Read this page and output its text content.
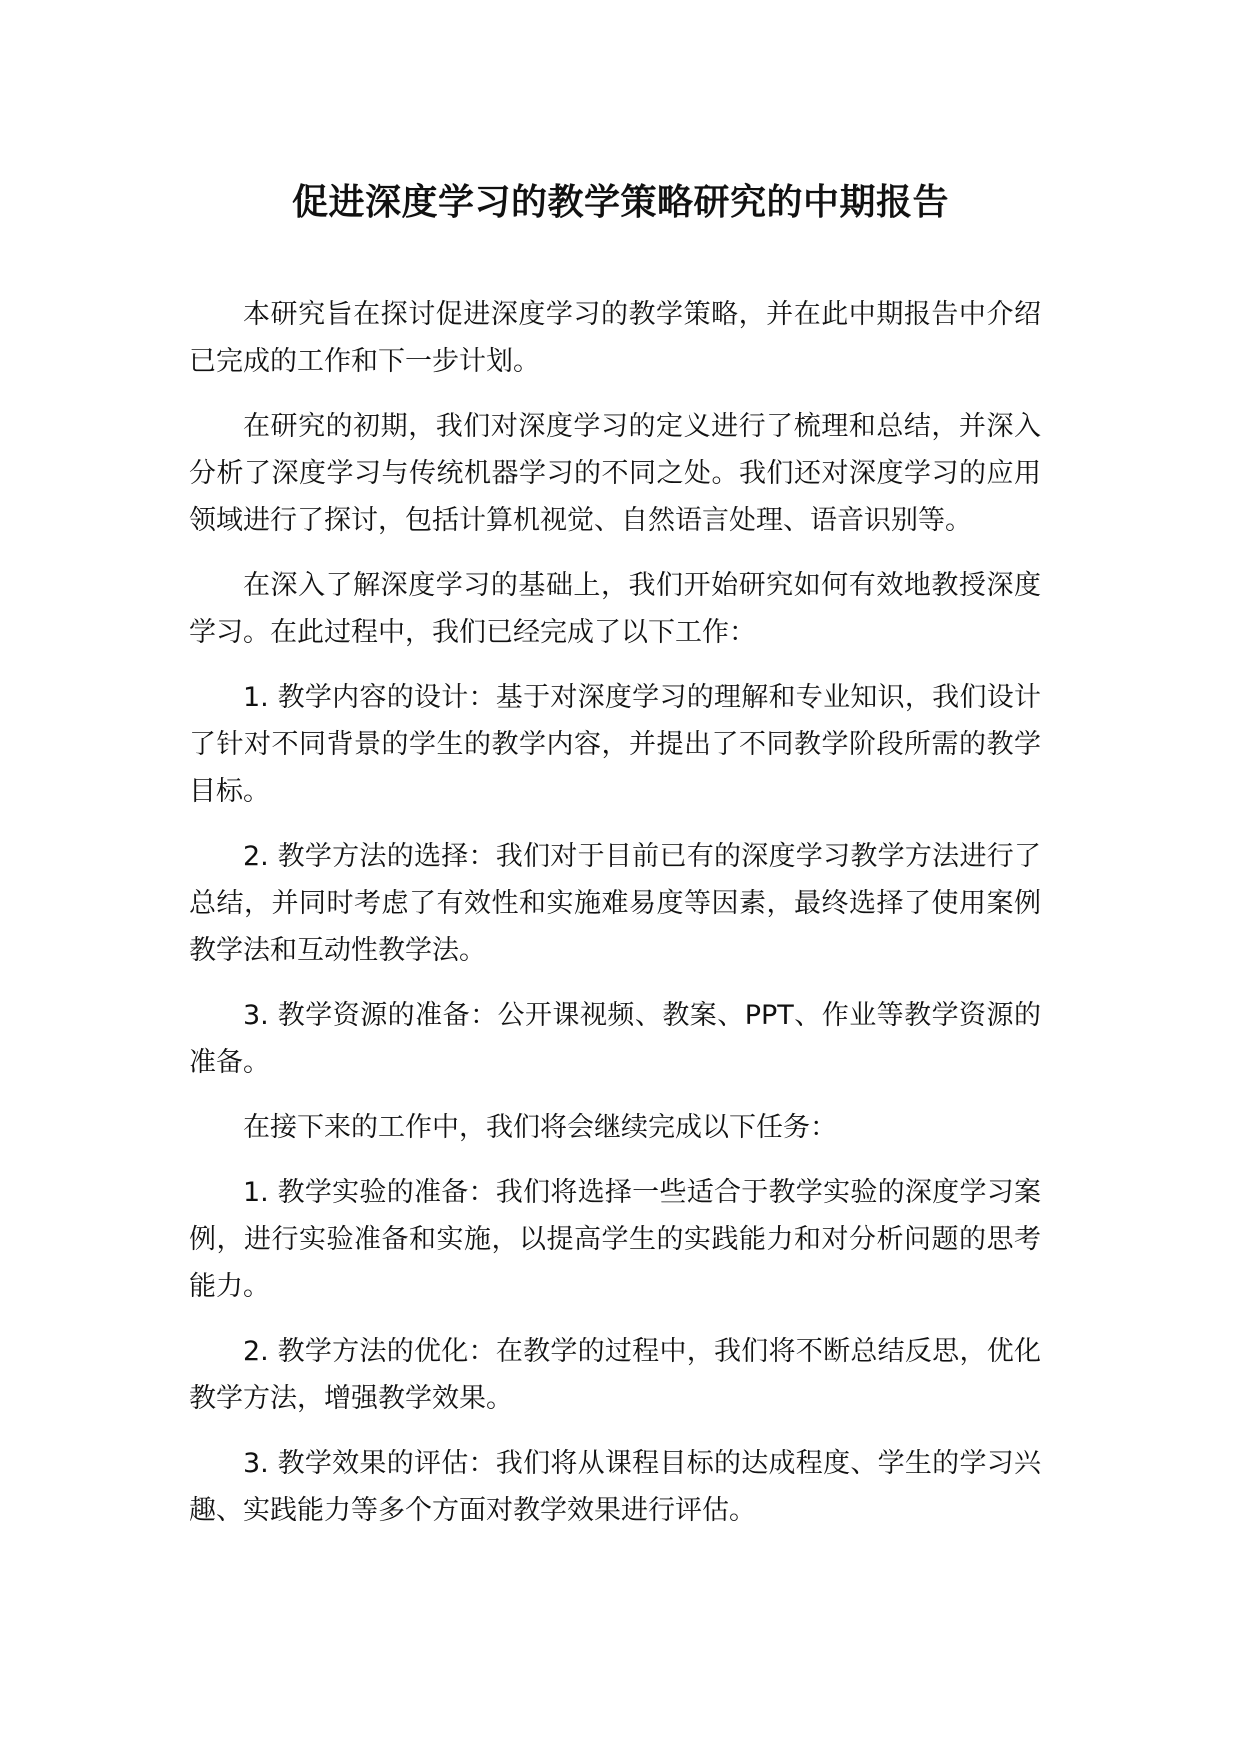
促进深度学习的教学策略研究的中期报告

本研究旨在探讨促进深度学习的教学策略，并在此中期报告中介绍已完成的工作和下一步计划。

在研究的初期，我们对深度学习的定义进行了梳理和总结，并深入分析了深度学习与传统机器学习的不同之处。我们还对深度学习的应用领域进行了探讨，包括计算机视觉、自然语言处理、语音识别等。

在深入了解深度学习的基础上，我们开始研究如何有效地教授深度学习。在此过程中，我们已经完成了以下工作：

1. 教学内容的设计：基于对深度学习的理解和专业知识，我们设计了针对不同背景的学生的教学内容，并提出了不同教学阶段所需的教学目标。

2. 教学方法的选择：我们对于目前已有的深度学习教学方法进行了总结，并同时考虑了有效性和实施难易度等因素，最终选择了使用案例教学法和互动性教学法。

3. 教学资源的准备：公开课视频、教案、PPT、作业等教学资源的准备。

在接下来的工作中，我们将会继续完成以下任务：

1. 教学实验的准备：我们将选择一些适合于教学实验的深度学习案例，进行实验准备和实施，以提高学生的实践能力和对分析问题的思考能力。

2. 教学方法的优化：在教学的过程中，我们将不断总结反思，优化教学方法，增强教学效果。

3. 教学效果的评估：我们将从课程目标的达成程度、学生的学习兴趣、实践能力等多个方面对教学效果进行评估。
